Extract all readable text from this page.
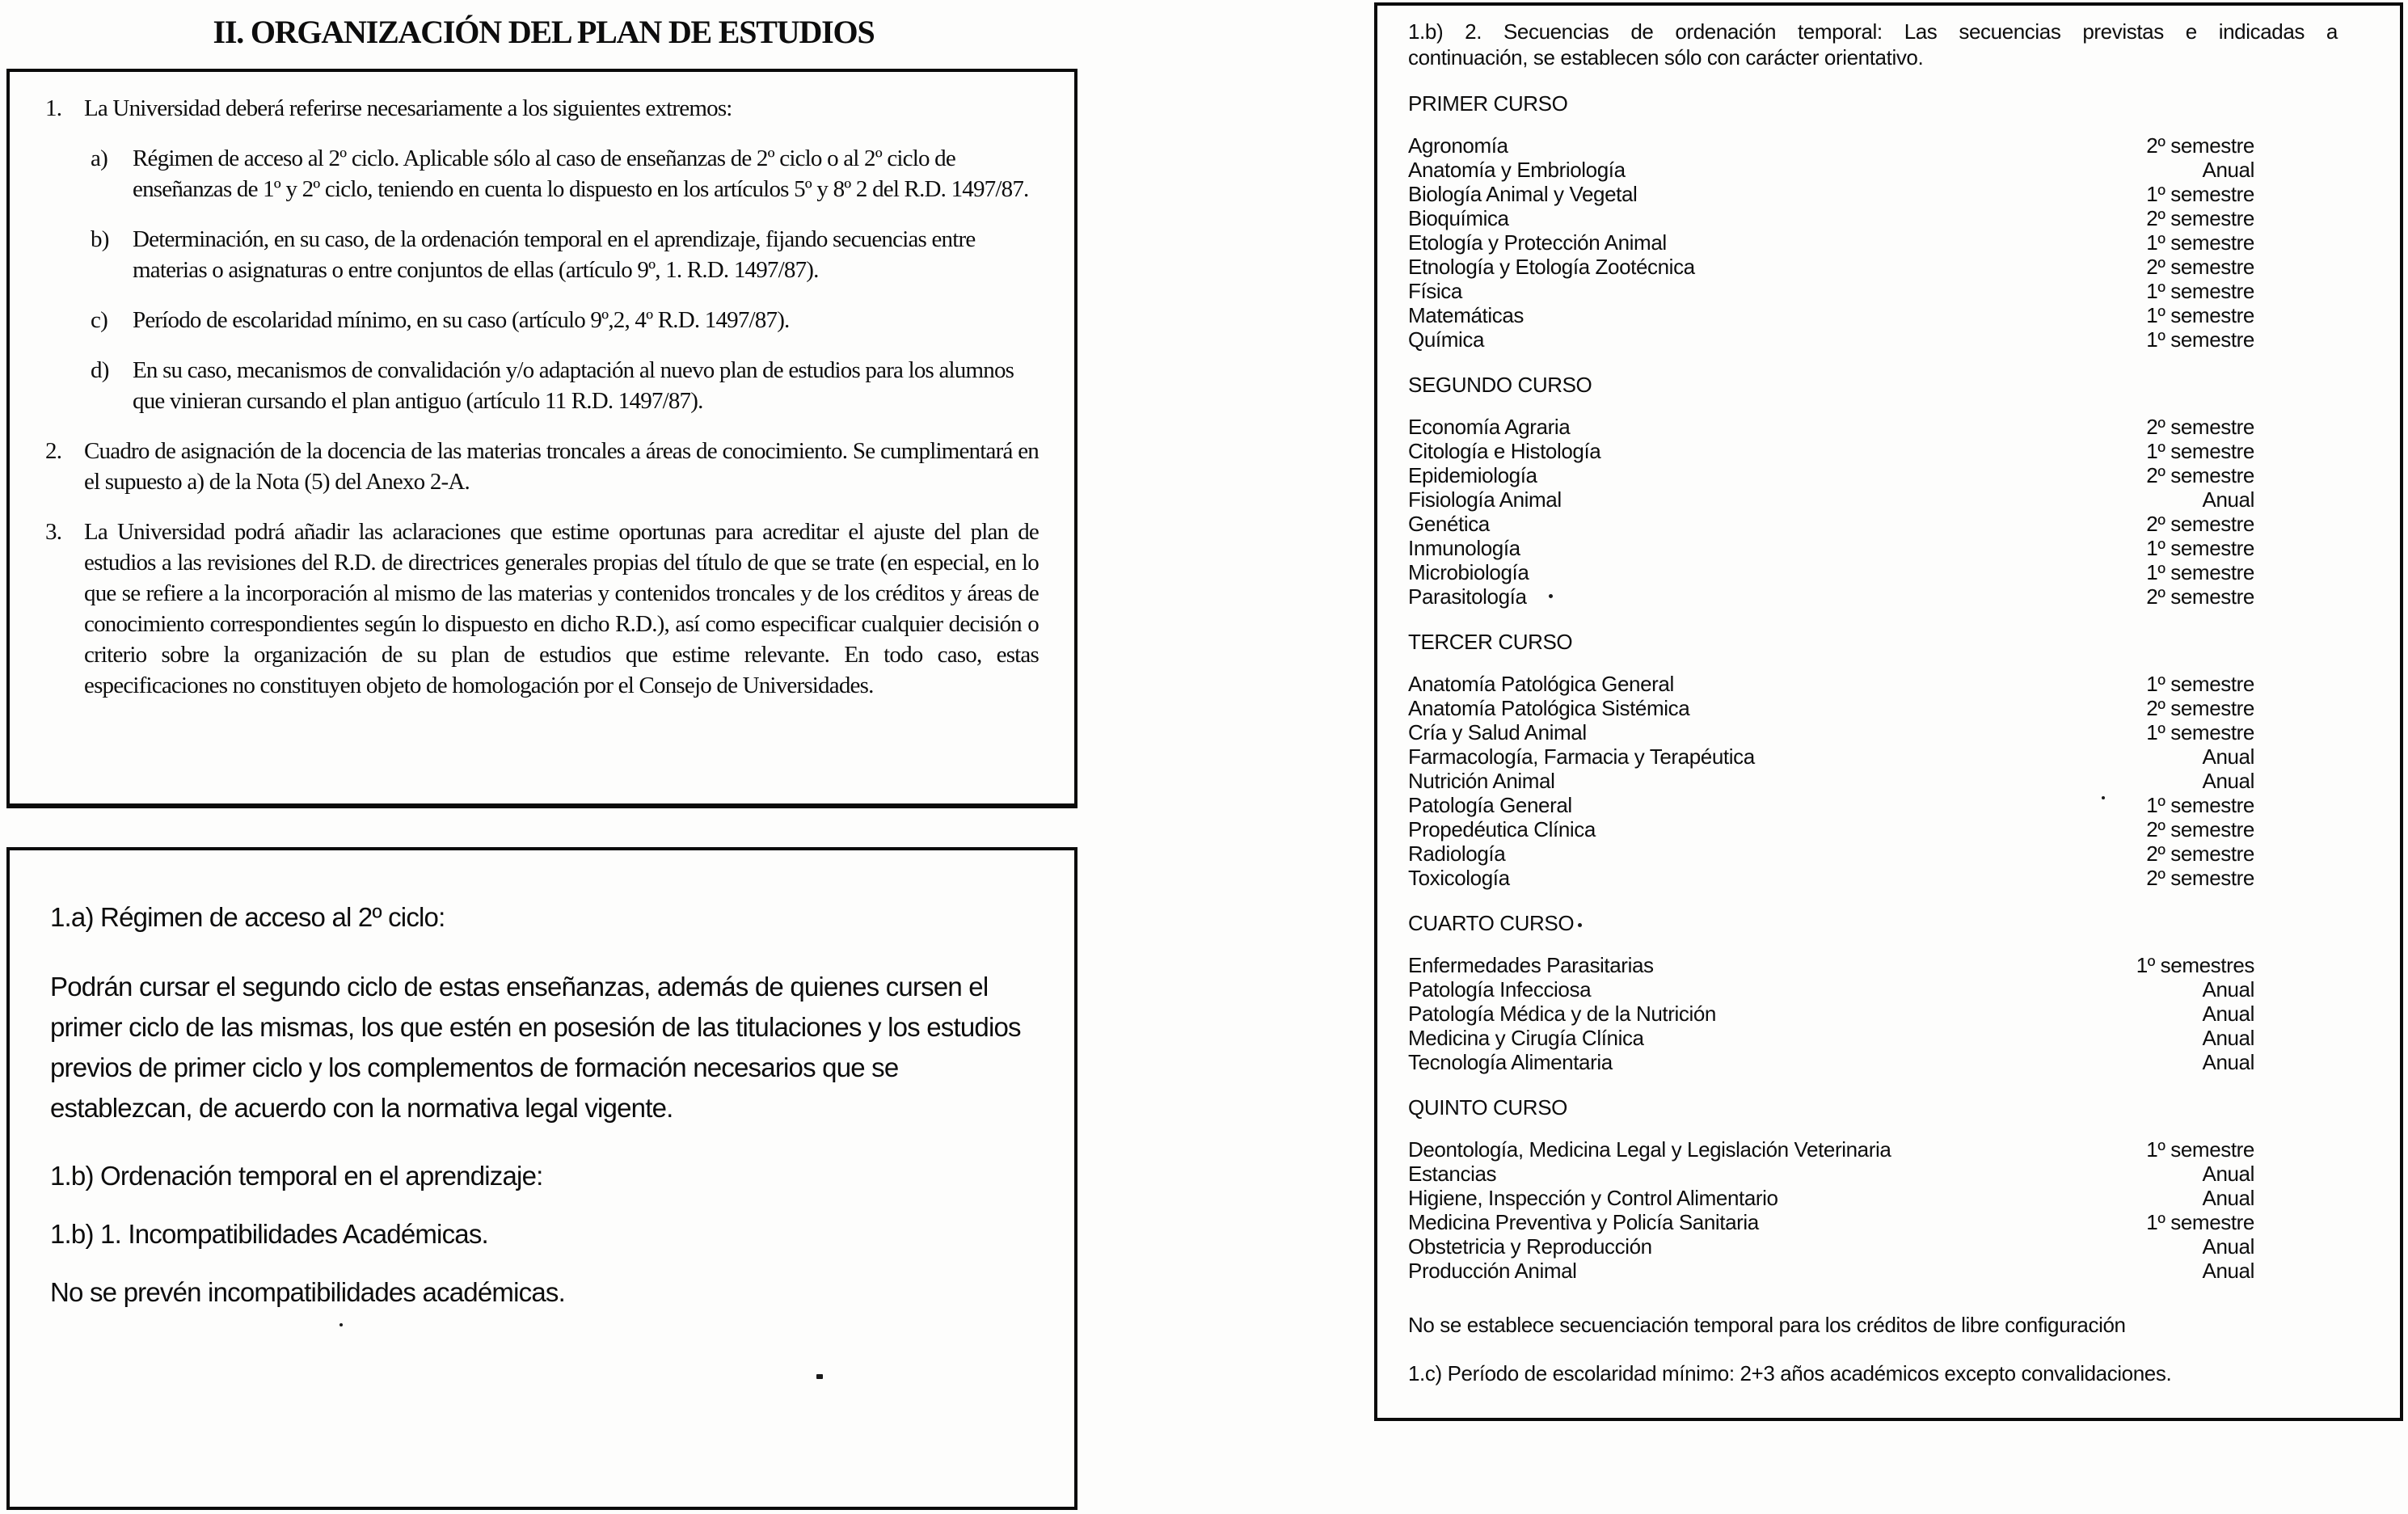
II. ORGANIZACIÓN DEL PLAN DE ESTUDIOS
1. La Universidad deberá referirse necesariamente a los siguientes extremos:
a)	Régimen de acceso al 2º ciclo. Aplicable sólo al caso de enseñanzas de 2º ciclo o al 2º ciclo de enseñanzas de 1º y 2º ciclo, teniendo en cuenta lo dispuesto en los artículos 5º y 8º 2 del R.D. 1497/87.
b)	Determinación, en su caso, de la ordenación temporal en el aprendizaje, fijando secuencias entre materias o asignaturas o entre conjuntos de ellas (artículo 9º, 1. R.D. 1497/87).
c)	Período de escolaridad mínimo, en su caso (artículo 9º,2, 4º R.D. 1497/87).
d)	En su caso, mecanismos de convalidación y/o adaptación al nuevo plan de estudios para los alumnos que vinieran cursando el plan antiguo (artículo 11 R.D. 1497/87).
2. Cuadro de asignación de la docencia de las materias troncales a áreas de conocimiento. Se cumplimentará en el supuesto a) de la Nota (5) del Anexo 2-A.
3. La Universidad podrá añadir las aclaraciones que estime oportunas para acreditar el ajuste del plan de estudios a las revisiones del R.D. de directrices generales propias del título de que se trate (en especial, en lo que se refiere a la incorporación al mismo de las materias y contenidos troncales y de los créditos y áreas de conocimiento correspondientes según lo dispuesto en dicho R.D.), así como especificar cualquier decisión o criterio sobre la organización de su plan de estudios que estime relevante. En todo caso, estas especificaciones no constituyen objeto de homologación por el Consejo de Universidades.
1.a) Régimen de acceso al 2º ciclo:
Podrán cursar el segundo ciclo de estas enseñanzas, además de quienes cursen el primer ciclo de las mismas, los que estén en posesión de las titulaciones y los estudios previos de primer ciclo y los complementos de formación necesarios que se establezcan, de acuerdo con la normativa legal vigente.
1.b) Ordenación temporal en el aprendizaje:
1.b) 1. Incompatibilidades Académicas.
No se prevén incompatibilidades académicas.
1.b) 2. Secuencias de ordenación temporal: Las secuencias previstas e indicadas a
continuación, se establecen sólo con carácter orientativo.
PRIMER CURSO
Agronomía	2º semestre
Anatomía y Embriología	Anual
Biología Animal y Vegetal	1º semestre
Bioquímica	2º semestre
Etología y Protección Animal	1º semestre
Etnología y Etología Zootécnica	2º semestre
Física	1º semestre
Matemáticas	1º semestre
Química	1º semestre
SEGUNDO CURSO
Economía Agraria	2º semestre
Citología e Histología	1º semestre
Epidemiología	2º semestre
Fisiología Animal	Anual
Genética	2º semestre
Inmunología	1º semestre
Microbiología	1º semestre
Parasitología	2º semestre
TERCER CURSO
Anatomía Patológica General	1º semestre
Anatomía Patológica Sistémica	2º semestre
Cría y Salud Animal	1º semestre
Farmacología, Farmacia y Terapéutica	Anual
Nutrición Animal	Anual
Patología General	1º semestre
Propedéutica Clínica	2º semestre
Radiología	2º semestre
Toxicología	2º semestre
CUARTO CURSO
Enfermedades Parasitarias	1º semestres
Patología Infecciosa	Anual
Patología Médica y de la Nutrición	Anual
Medicina y Cirugía Clínica	Anual
Tecnología Alimentaria	Anual
QUINTO CURSO
Deontología, Medicina Legal y Legislación Veterinaria	1º semestre
Estancias	Anual
Higiene, Inspección y Control Alimentario	Anual
Medicina Preventiva y Policía Sanitaria	1º semestre
Obstetricia y Reproducción	Anual
Producción Animal	Anual
No se establece secuenciación temporal para los créditos de libre configuración
1.c) Período de escolaridad mínimo: 2+3 años académicos excepto convalidaciones.
